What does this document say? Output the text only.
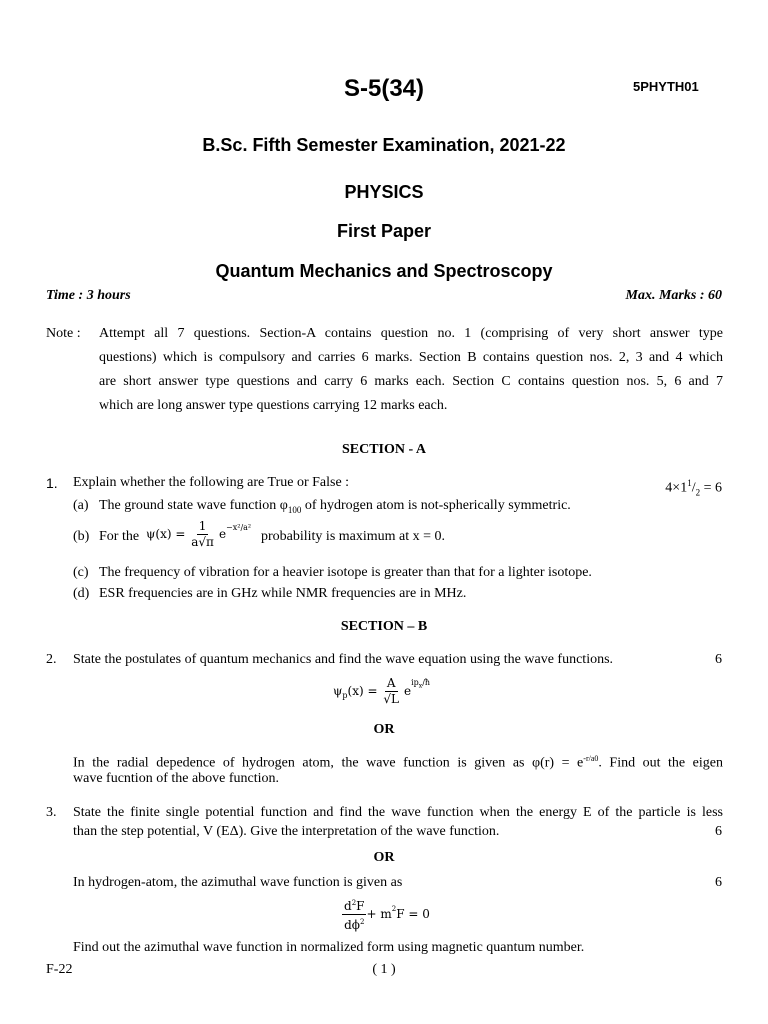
S-5(34)	5PHYTH01
B.Sc. Fifth Semester Examination, 2021-22
PHYSICS
First Paper
Quantum Mechanics and Spectroscopy
Time : 3 hours	Max. Marks : 60
Note : Attempt all 7 questions. Section-A contains question no. 1 (comprising of very short answer type
questions) which is compulsory and carries 6 marks. Section B contains question nos. 2, 3 and 4 which
are short answer type questions and carry 6 marks each. Section C contains question nos. 5, 6 and 7
which are long answer type questions carrying 12 marks each.
SECTION - A
1. Explain whether the following are True or False :	$4\times 1^1/_2 = 6$
(a) The ground state wave function $\varphi_{100}$ of hydrogen atom is not-spherically symmetric.
(b) For the ψ(x) =
$\frac{1}{a√\pi} e^{-x^2/a^2}$
probability is maximum at x = 0.
(c) The frequency of vibration for a heavier isotope is greater than that for a lighter isotope.
(d) ESR frequencies are in GHz while NMR frequencies are in MHz.
SECTION – B
2. State the postulates of quantum mechanics and find the wave equation using the wave functions.	6
$\psi_p$ (x) =
$\frac{A}{√L}$ e
$^{ip_x/ħ}$
OR
In the radial depedence of hydrogen atom, the wave function is given as $\varphi(r) = e^{-r/a0}$. Find out the eigen
wave fucntion of the above function.
3. State the finite single potential function and find the wave function when the energy E of the particle is less
than the step potential, V (EΔ). Give the interpretation of the wave function.	6
OR
In hydrogen-atom, the azimuthal wave function is given as	6
$\frac{d^2F}{d\phi^2} + m^2$ F = 0
Find out the azimuthal wave function in normalized form using magnetic quantum number.
F-22	( 1 )
